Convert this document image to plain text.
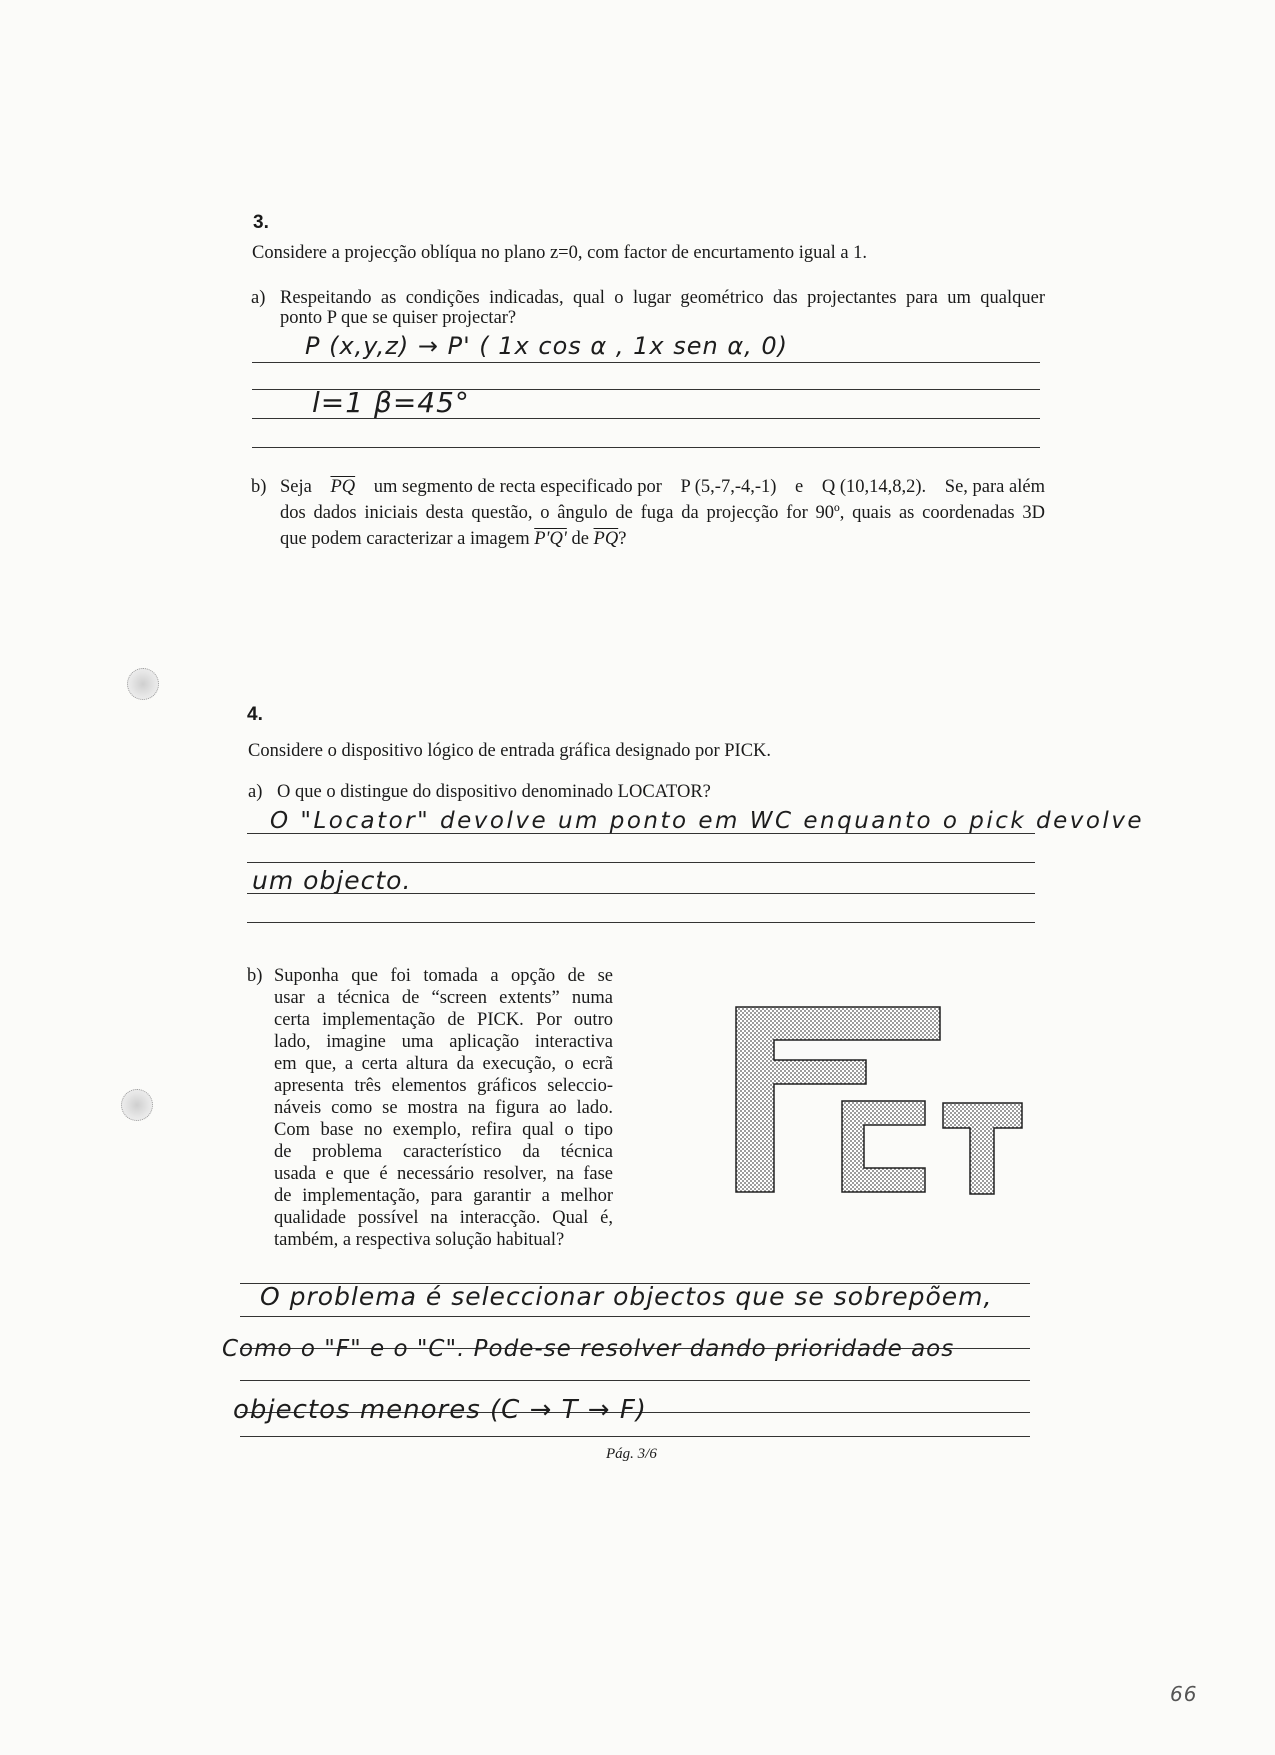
3.
Considere a projecção oblíqua no plano z=0, com factor de encurtamento igual a 1.
a) Respeitando as condições indicadas, qual o lugar geométrico das projectantes para um qualquer
ponto P que se quiser projectar?
P (x,y,z) → P' ( 1x cos α , 1x sen α, 0)
l=1 β=45°
b) Seja $\overline{PQ}$ um segmento de recta especificado por P (5,-7,-4,-1) e Q (10,14,8,2). Se, para além
dos dados iniciais desta questão, o ângulo de fuga da projecção for 90º, quais as coordenadas 3D
que podem caracterizar a imagem P'Q' de $\overline{PQ}$?
4.
Considere o dispositivo lógico de entrada gráfica designado por PICK.
a) O que o distingue do dispositivo denominado LOCATOR?
O "Locator" devolve um ponto em WC enquanto o pick devolve
um objecto.
b) Suponha que foi tomada a opção de se
usar a técnica de “screen extents” numa
certa implementação de PICK. Por outro
lado, imagine uma aplicação interactiva
em que, a certa altura da execução, o ecrã
apresenta três elementos gráficos seleccio-
náveis como se mostra na figura ao lado.
Com base no exemplo, refira qual o tipo
de problema característico da técnica
usada e que é necessário resolver, na fase
de implementação, para garantir a melhor
qualidade possível na interacção. Qual é,
também, a respectiva solução habitual?
O problema é seleccionar objectos que se sobrepõem,
Como o "F" e o "C". Pode-se resolver dando prioridade aos
objectos menores (C → T → F)
Pág. 3/6
66
